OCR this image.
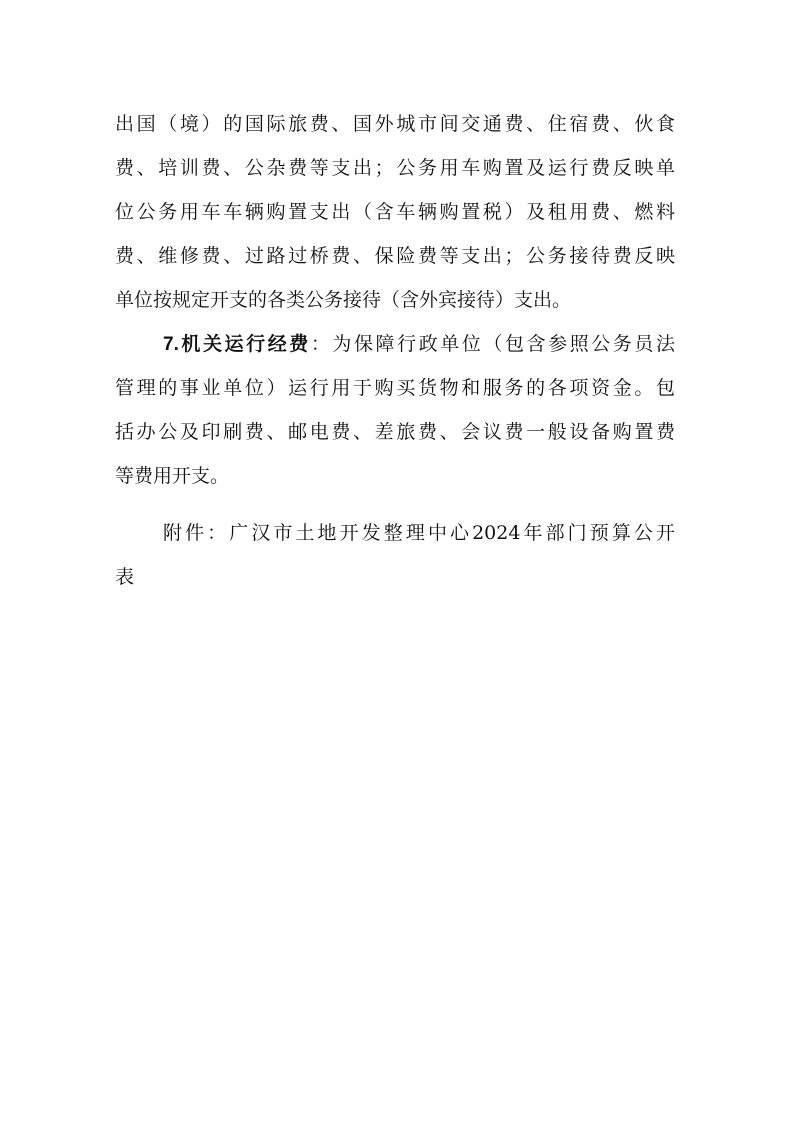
出国（境）的国际旅费、国外城市间交通费、住宿费、伙食
费、培训费、公杂费等支出；公务用车购置及运行费反映单
位公务用车车辆购置支出（含车辆购置税）及租用费、燃料
费、维修费、过路过桥费、保险费等支出；公务接待费反映
单位按规定开支的各类公务接待（含外宾接待）支出。
7.机关运行经费：为保障行政单位（包含参照公务员法
管理的事业单位）运行用于购买货物和服务的各项资金。包
括办公及印刷费、邮电费、差旅费、会议费一般设备购置费
等费用开支。
附件：广汉市土地开发整理中心2024年部门预算公开
表
